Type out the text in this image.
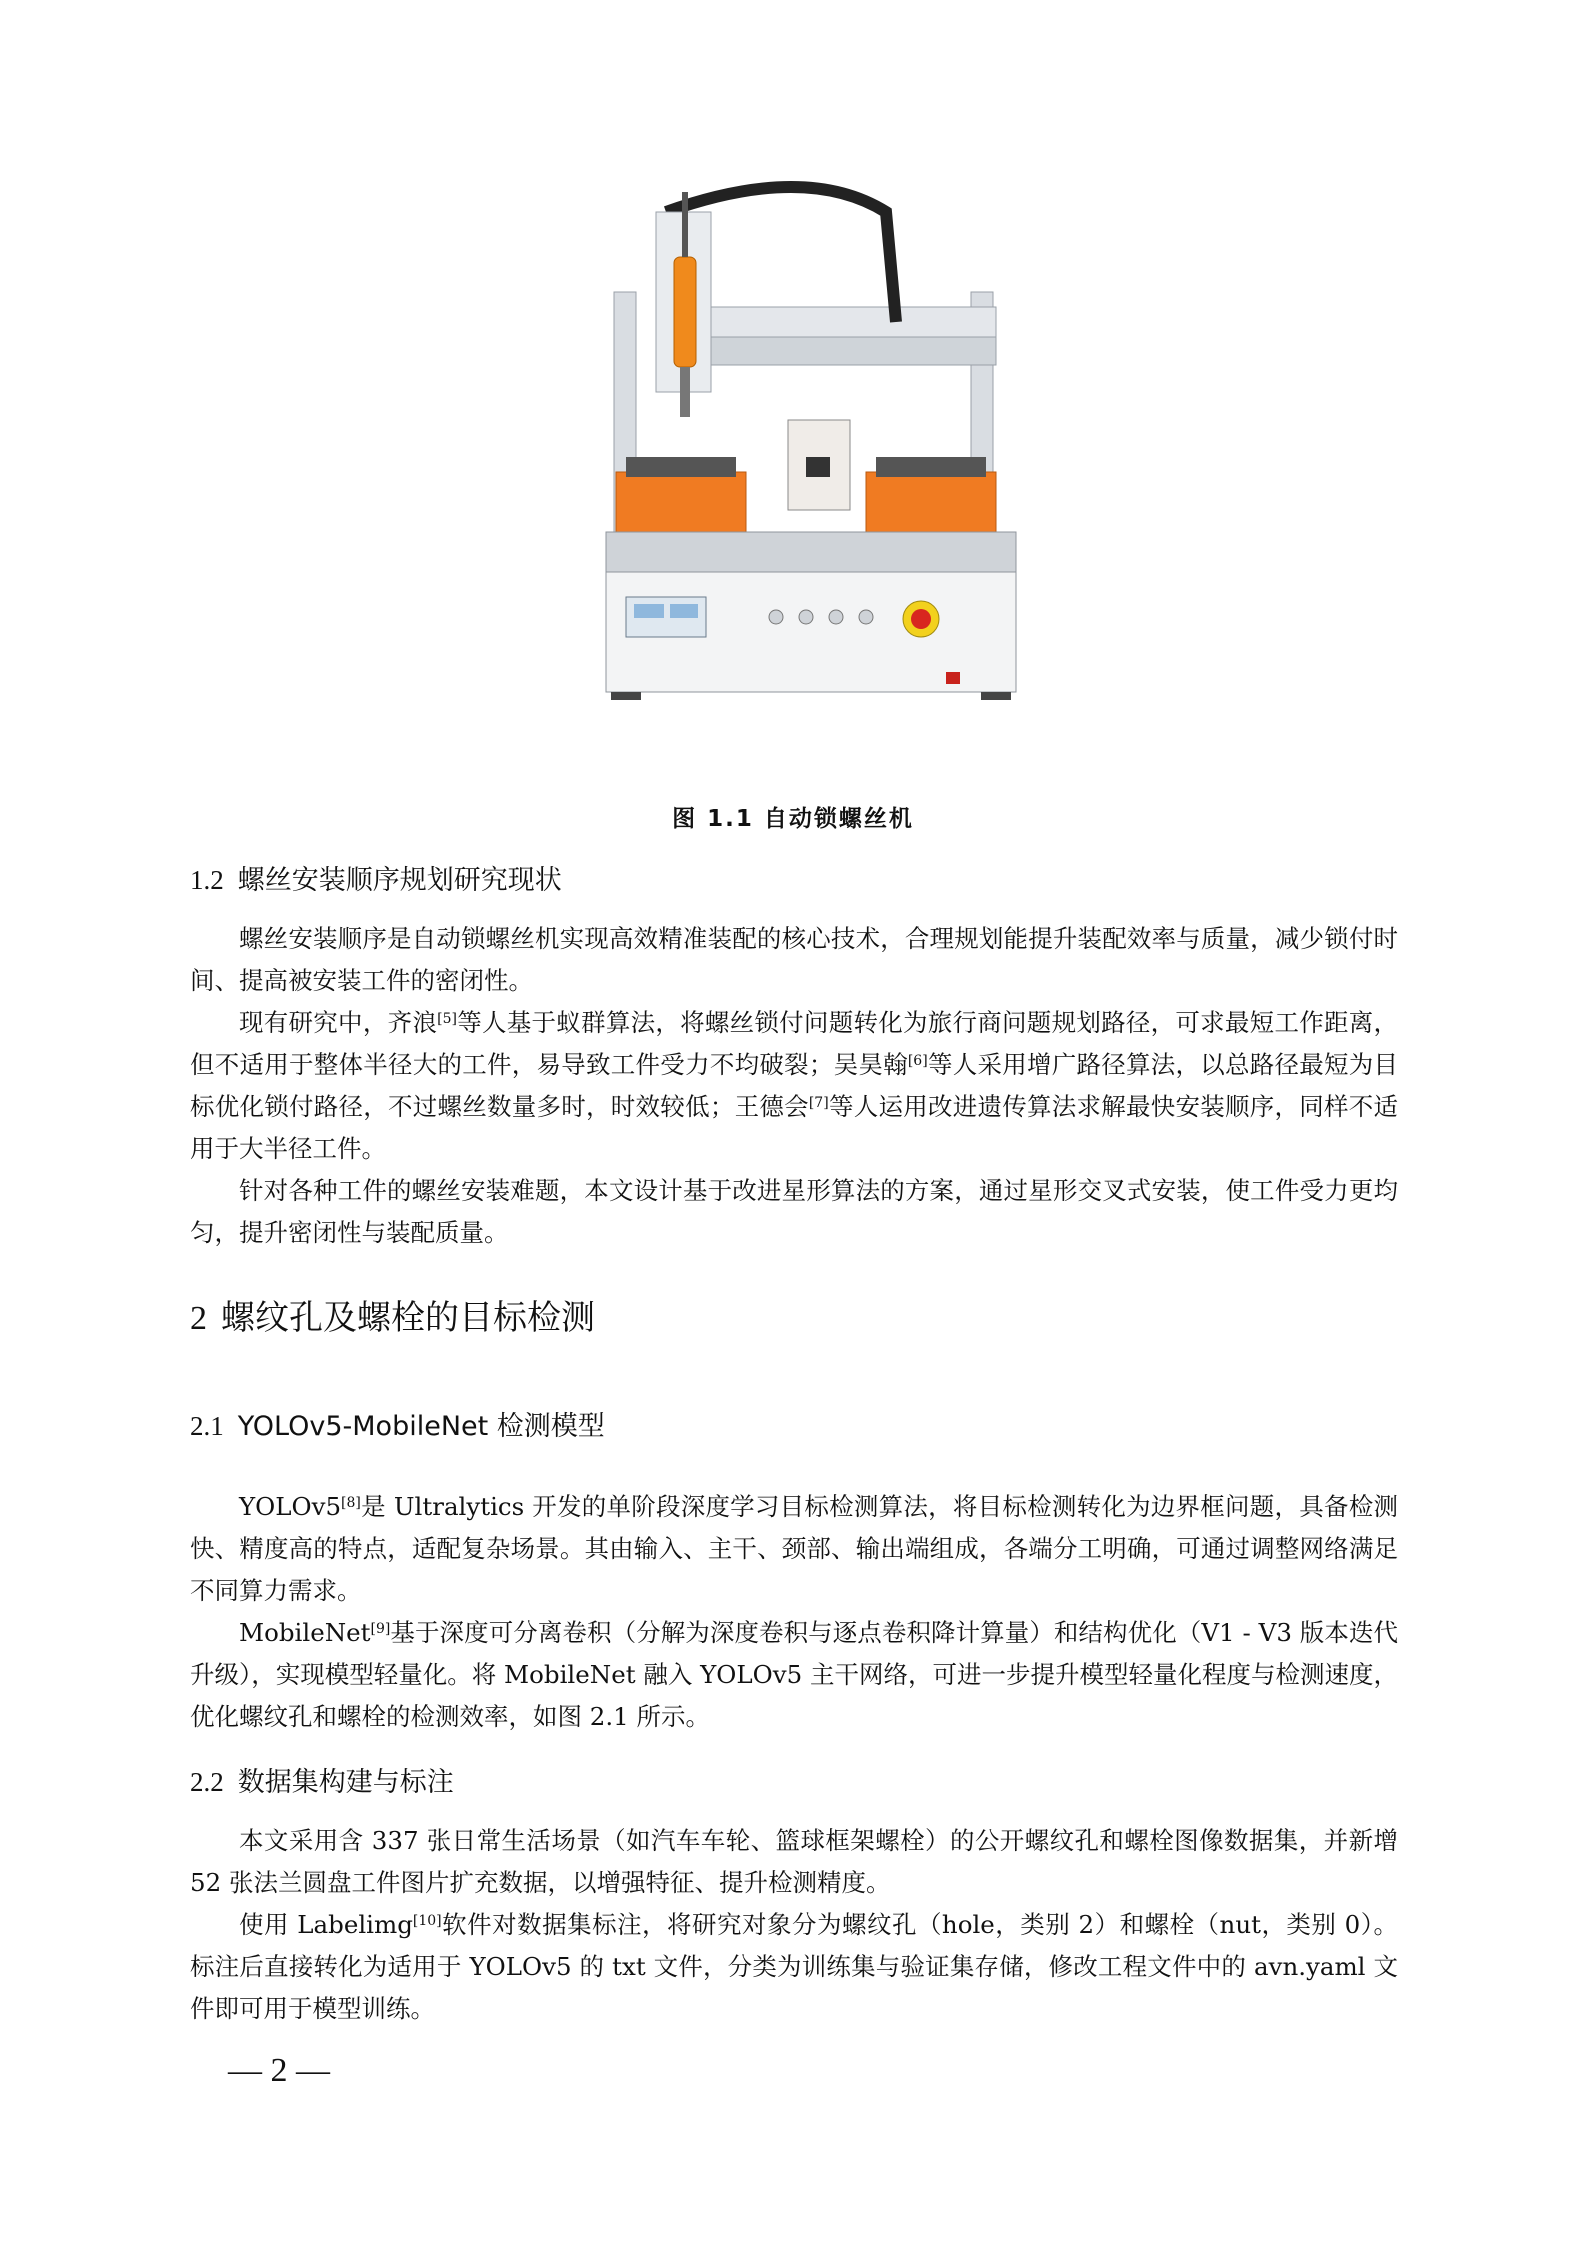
图 1.1 自动锁螺丝机
1.2 螺丝安装顺序规划研究现状
螺丝安装顺序是自动锁螺丝机实现高效精准装配的核心技术，合理规划能提升装配效率与质量，减少锁付时间、提高被安装工件的密闭性。
现有研究中，齐浪[5]等人基于蚁群算法，将螺丝锁付问题转化为旅行商问题规划路径，可求最短工作距离，但不适用于整体半径大的工件，易导致工件受力不均破裂；吴昊翰[6]等人采用增广路径算法，以总路径最短为目标优化锁付路径，不过螺丝数量多时，时效较低；王德会[7]等人运用改进遗传算法求解最快安装顺序，同样不适用于大半径工件。
针对各种工件的螺丝安装难题，本文设计基于改进星形算法的方案，通过星形交叉式安装，使工件受力更均匀，提升密闭性与装配质量。
2 螺纹孔及螺栓的目标检测
2.1 YOLOv5-MobileNet 检测模型
YOLOv5[8]是 Ultralytics 开发的单阶段深度学习目标检测算法，将目标检测转化为边界框问题，具备检测快、精度高的特点，适配复杂场景。其由输入、主干、颈部、输出端组成，各端分工明确，可通过调整网络满足不同算力需求。
MobileNet[9]基于深度可分离卷积（分解为深度卷积与逐点卷积降计算量）和结构优化（V1 - V3 版本迭代升级），实现模型轻量化。将 MobileNet 融入 YOLOv5 主干网络，可进一步提升模型轻量化程度与检测速度，优化螺纹孔和螺栓的检测效率，如图 2.1 所示。
2.2 数据集构建与标注
本文采用含 337 张日常生活场景（如汽车车轮、篮球框架螺栓）的公开螺纹孔和螺栓图像数据集，并新增 52 张法兰圆盘工件图片扩充数据，以增强特征、提升检测精度。
使用 Labelimg[10]软件对数据集标注，将研究对象分为螺纹孔（hole，类别 2）和螺栓（nut，类别 0）。标注后直接转化为适用于 YOLOv5 的 txt 文件，分类为训练集与验证集存储，修改工程文件中的 avn.yaml 文件即可用于模型训练。
— 2 —
